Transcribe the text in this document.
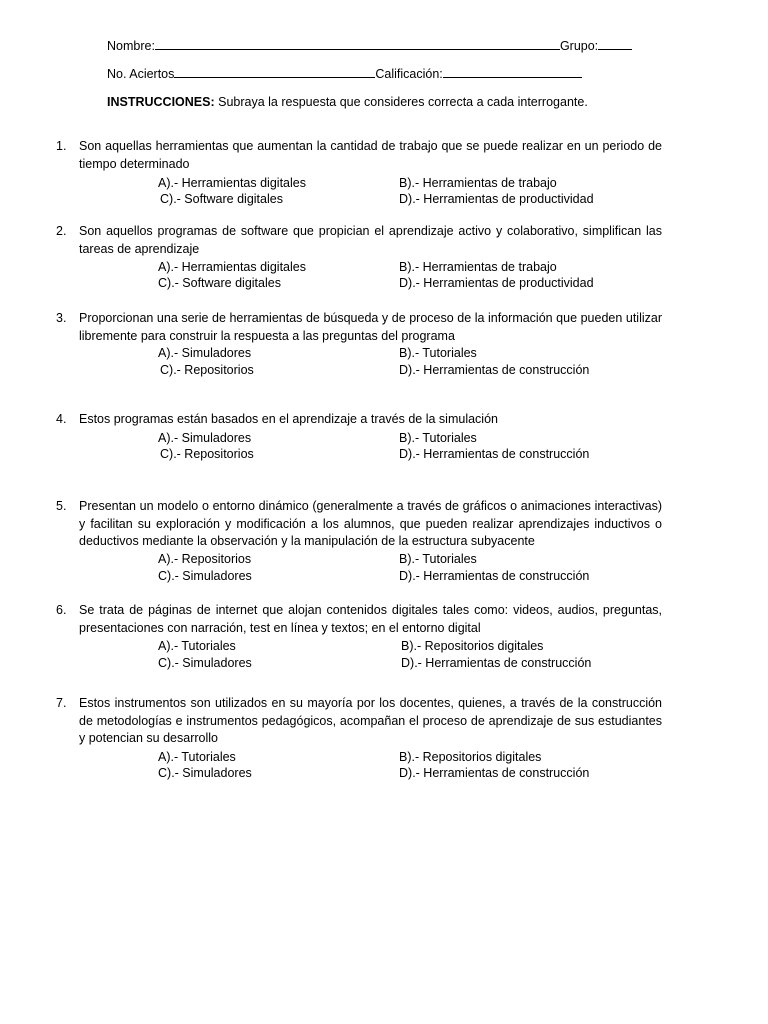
Nombre:	Grupo:
No. Aciertos	Calificación:
INSTRUCCIONES: Subraya la respuesta que consideres correcta a cada interrogante.
1. Son aquellas herramientas que aumentan la cantidad de trabajo que se puede realizar en un periodo de tiempo determinado
A).- Herramientas digitales	B).- Herramientas de trabajo
C).- Software digitales	D).- Herramientas de productividad
2. Son aquellos programas de software que propician el aprendizaje activo y colaborativo, simplifican las tareas de aprendizaje
A).- Herramientas digitales	B).- Herramientas de trabajo
C).- Software digitales	D).- Herramientas de productividad
3. Proporcionan una serie de herramientas de búsqueda y de proceso de la información que pueden utilizar libremente para construir la respuesta a las preguntas del programa
A).- Simuladores	B).- Tutoriales
C).- Repositorios	D).- Herramientas de construcción
4. Estos programas están basados en el aprendizaje a través de la simulación
A).- Simuladores	B).- Tutoriales
C).- Repositorios	D).- Herramientas de construcción
5. Presentan un modelo o entorno dinámico (generalmente a través de gráficos o animaciones interactivas) y facilitan su exploración y modificación a los alumnos, que pueden realizar aprendizajes inductivos o deductivos mediante la observación y la manipulación de la estructura subyacente
A).- Repositorios	B).- Tutoriales
C).- Simuladores	D).- Herramientas de construcción
6. Se trata de páginas de internet que alojan contenidos digitales tales como: videos, audios, preguntas, presentaciones con narración, test en línea y textos; en el entorno digital
A).- Tutoriales	B).- Repositorios digitales
C).- Simuladores	D).- Herramientas de construcción
7. Estos instrumentos son utilizados en su mayoría por los docentes, quienes, a través de la construcción de metodologías e instrumentos pedagógicos, acompañan el proceso de aprendizaje de sus estudiantes y potencian su desarrollo
A).- Tutoriales	B).- Repositorios digitales
C).- Simuladores	D).- Herramientas de construcción
